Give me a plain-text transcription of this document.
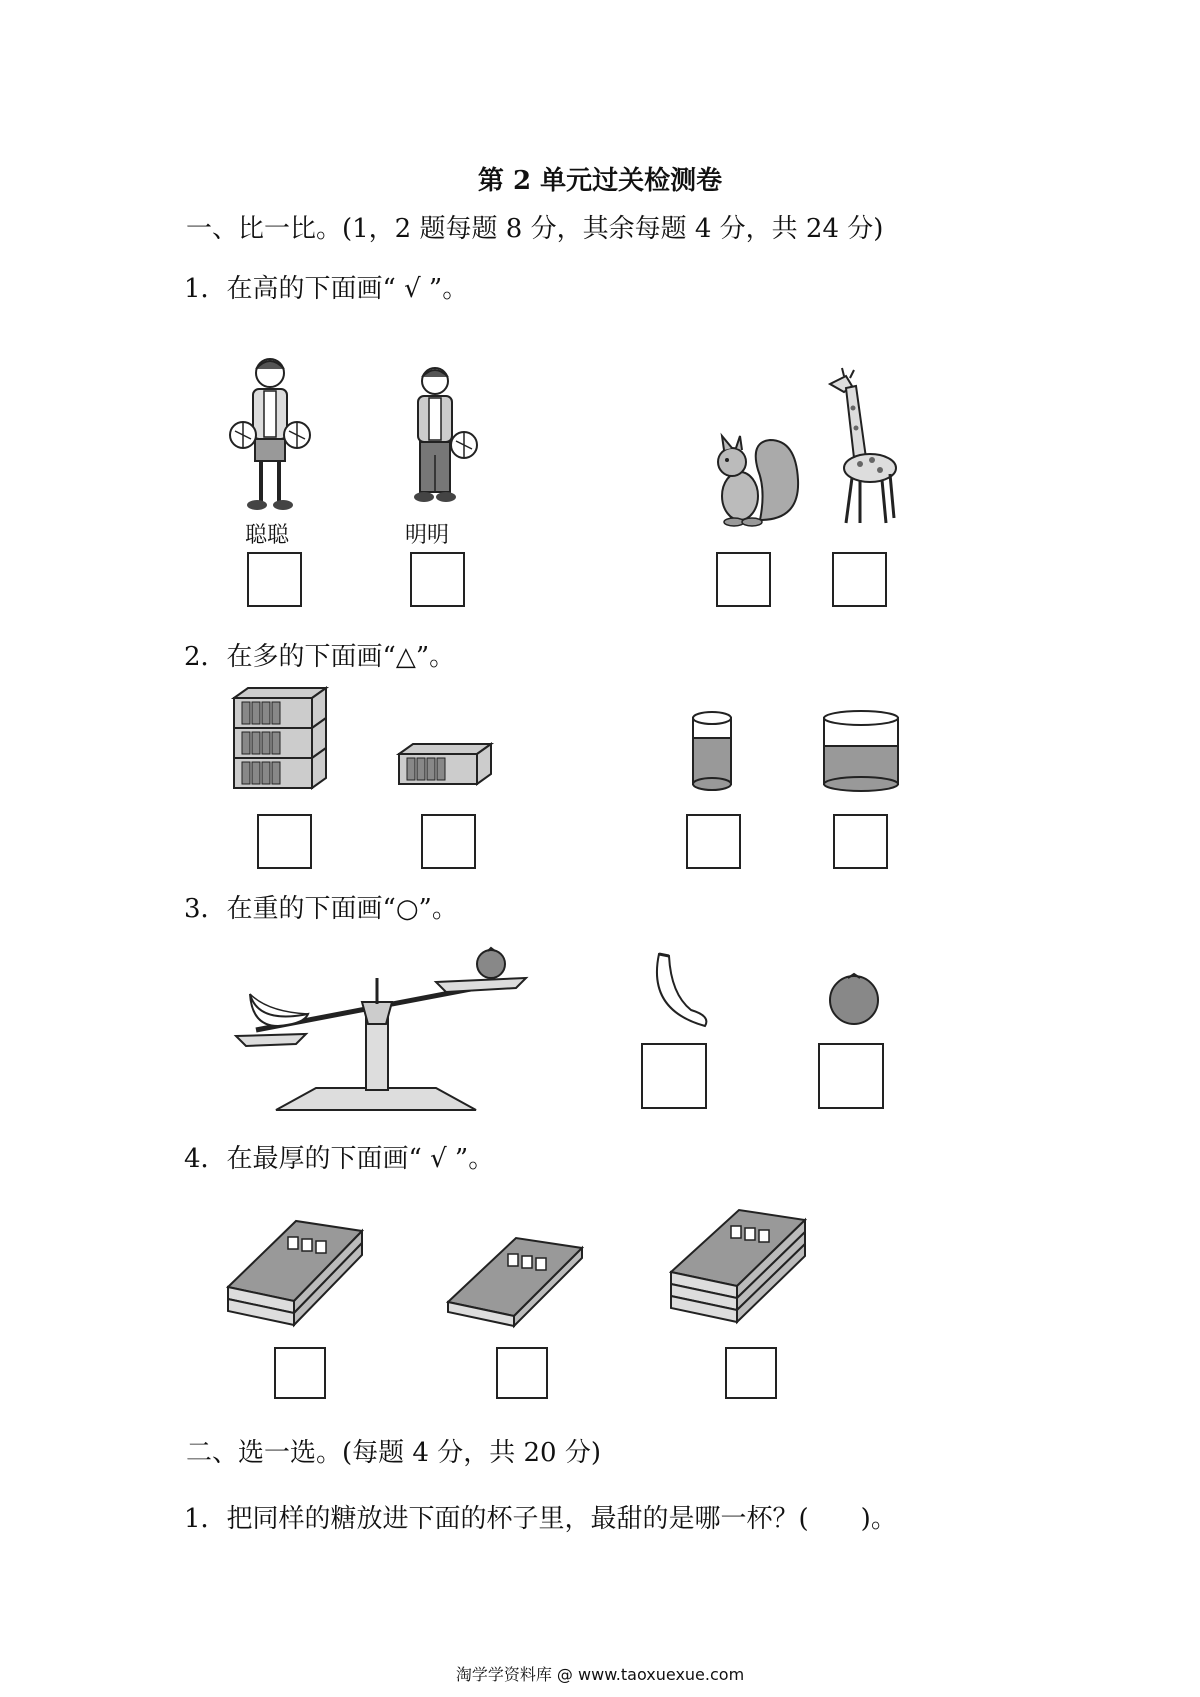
第 2 单元过关检测卷
一、比一比。(1，2 题每题 8 分，其余每题 4 分，共 24 分)
1．在高的下面画“ √ ”。
聪聪	明明
2．在多的下面画“△”。
3．在重的下面画“○”。
4．在最厚的下面画“ √ ”。
二、选一选。(每题 4 分，共 20 分)
1．把同样的糖放进下面的杯子里，最甜的是哪一杯？(　　)。
淘学学资料库 @ www.taoxuexue.com
